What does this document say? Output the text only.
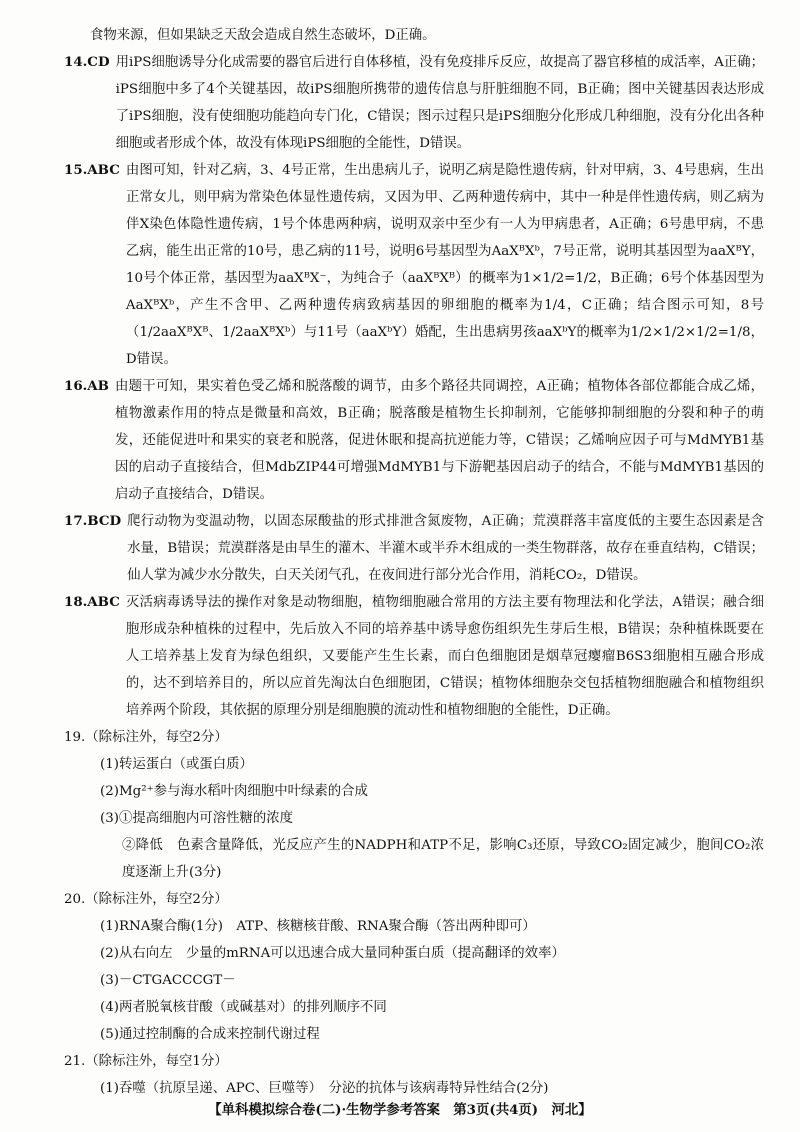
食物来源，但如果缺乏天敌会造成自然生态破坏，D正确。

14.CD 用iPS细胞诱导分化成需要的器官后进行自体移植，没有免疫排斥反应，故提高了器官移植的成活率，A正确；iPS细胞中多了4个关键基因，故iPS细胞所携带的遗传信息与肝脏细胞不同，B正确；图中关键基因表达形成了iPS细胞，没有使细胞功能趋向专门化，C错误；图示过程只是iPS细胞分化形成几种细胞，没有分化出各种细胞或者形成个体，故没有体现iPS细胞的全能性，D错误。
15.ABC 由图可知，针对乙病，3、4号正常，生出患病儿子，说明乙病是隐性遗传病，针对甲病，3、4号患病，生出正常女儿，则甲病为常染色体显性遗传病，又因为甲、乙两种遗传病中，其中一种是伴性遗传病，则乙病为伴X染色体隐性遗传病，1号个体患两种病，说明双亲中至少有一人为甲病患者，A正确；6号患甲病，不患乙病，能生出正常的10号，患乙病的11号，说明6号基因型为AaXᴮXᵇ，7号正常，说明其基因型为aaXᴮY，10号个体正常，基因型为aaXᴮX⁻，为纯合子（aaXᴮXᴮ）的概率为1×1/2=1/2，B正确；6号个体基因型为AaXᴮXᵇ，产生不含甲、乙两种遗传病致病基因的卵细胞的概率为1/4，C正确；结合图示可知，8号（1/2aaXᴮXᴮ、1/2aaXᴮXᵇ）与11号（aaXᵇY）婚配，生出患病男孩aaXᵇY的概率为1/2×1/2×1/2=1/8，D错误。
16.AB 由题干可知，果实着色受乙烯和脱落酸的调节，由多个路径共同调控，A正确；植物体各部位都能合成乙烯，植物激素作用的特点是微量和高效，B正确；脱落酸是植物生长抑制剂，它能够抑制细胞的分裂和种子的萌发，还能促进叶和果实的衰老和脱落，促进休眠和提高抗逆能力等，C错误；乙烯响应因子可与MdMYB1基因的启动子直接结合，但MdbZIP44可增强MdMYB1与下游靶基因启动子的结合，不能与MdMYB1基因的启动子直接结合，D错误。
17.BCD 爬行动物为变温动物，以固态尿酸盐的形式排泄含氮废物，A正确；荒漠群落丰富度低的主要生态因素是含水量，B错误；荒漠群落是由旱生的灌木、半灌木或半乔木组成的一类生物群落，故存在垂直结构，C错误；仙人掌为减少水分散失，白天关闭气孔，在夜间进行部分光合作用，消耗CO₂，D错误。
18.ABC 灭活病毒诱导法的操作对象是动物细胞，植物细胞融合常用的方法主要有物理法和化学法，A错误；融合细胞形成杂种植株的过程中，先后放入不同的培养基中诱导愈伤组织先生芽后生根，B错误；杂种植株既要在人工培养基上发育为绿色组织，又要能产生生长素，而白色细胞团是烟草冠瘿瘤B6S3细胞相互融合形成的，达不到培养目的，所以应首先淘汰白色细胞团，C错误；植物体细胞杂交包括植物细胞融合和植物组织培养两个阶段，其依据的原理分别是细胞膜的流动性和植物细胞的全能性，D正确。

19.（除标注外，每空2分）

(1)转运蛋白（或蛋白质）

(2)Mg²⁺参与海水稻叶肉细胞中叶绿素的合成

(3)①提高细胞内可溶性糖的浓度

②降低　色素含量降低，光反应产生的NADPH和ATP不足，影响C₃还原，导致CO₂固定减少，胞间CO₂浓度逐渐上升(3分)

20.（除标注外，每空2分）

(1)RNA聚合酶(1分)　ATP、核糖核苷酸、RNA聚合酶（答出两种即可）

(2)从右向左　少量的mRNA可以迅速合成大量同种蛋白质（提高翻译的效率）

(3)－CTGACCCGT－

(4)两者脱氧核苷酸（或碱基对）的排列顺序不同

(5)通过控制酶的合成来控制代谢过程

21.（除标注外，每空1分）

(1)吞噬（抗原呈递、APC、巨噬等）　分泌的抗体与该病毒特异性结合(2分)

【单科模拟综合卷(二)·生物学参考答案　第3页(共4页)　河北】
